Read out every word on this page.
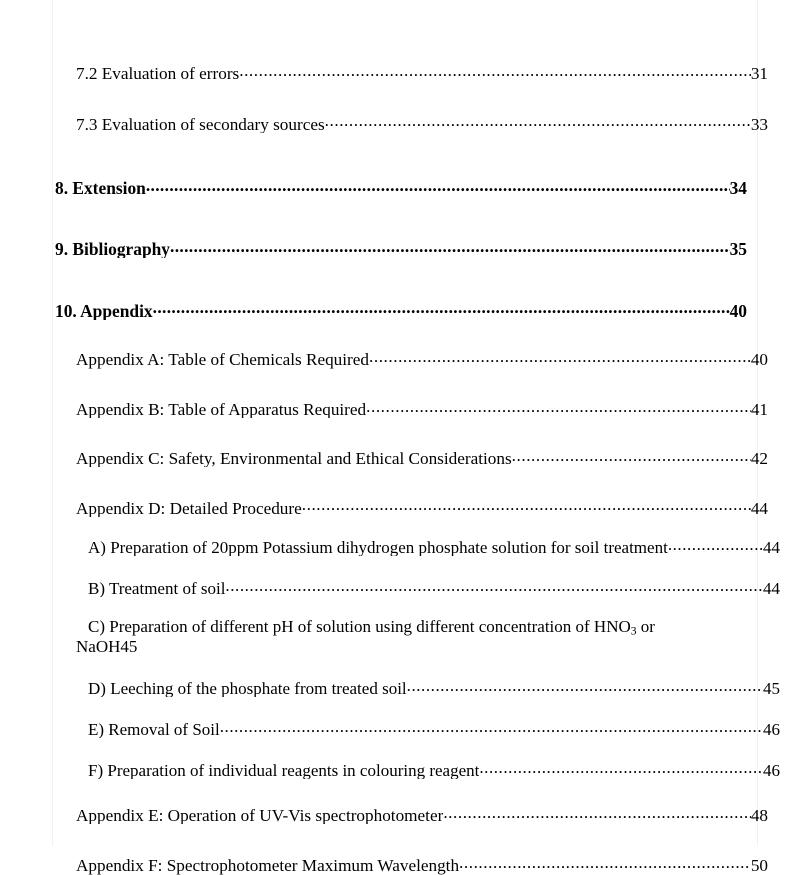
7.2 Evaluation of errors .....	31
7.3 Evaluation of secondary sources .....	33
8. Extension .....	34
9. Bibliography .....	35
10. Appendix .....	40
Appendix A: Table of Chemicals Required .....	40
Appendix B: Table of Apparatus Required .....	41
Appendix C: Safety, Environmental and Ethical Considerations .....	42
Appendix D: Detailed Procedure .....	44
A) Preparation of 20ppm Potassium dihydrogen phosphate solution for soil treatment .....	44
B) Treatment of soil .....	44
C) Preparation of different pH of solution using different concentration of $HNO_3$ or
NaOH 45
D) Leeching of the phosphate from treated soil .....	45
E) Removal of Soil .....	46
F) Preparation of individual reagents in colouring reagent .....	46
Appendix E: Operation of UV-Vis spectrophotometer .....	48
Appendix F: Spectrophotometer Maximum Wavelength .....	50
